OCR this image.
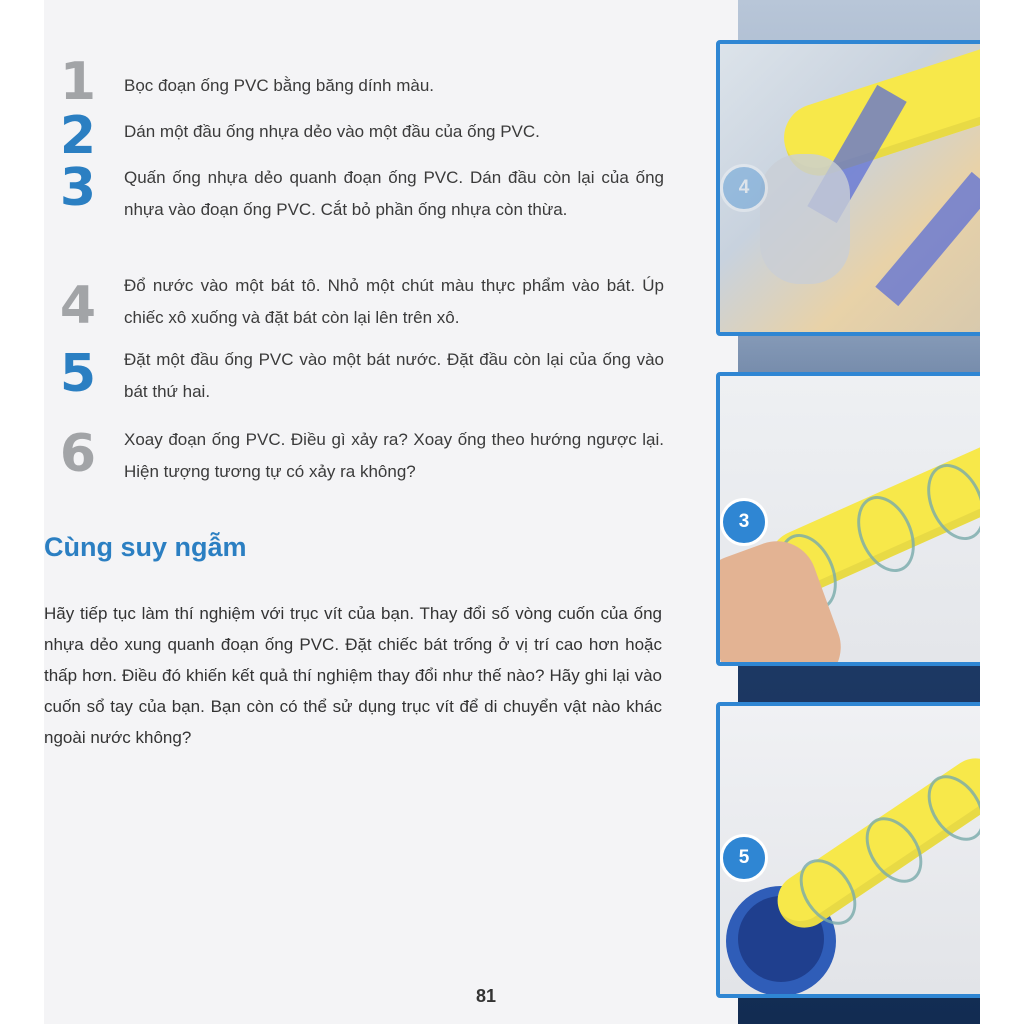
1 Bọc đoạn ống PVC bằng băng dính màu.
2 Dán một đầu ống nhựa dẻo vào một đầu của ống PVC.
3 Quấn ống nhựa dẻo quanh đoạn ống PVC. Dán đầu còn lại của ống nhựa vào đoạn ống PVC. Cắt bỏ phần ống nhựa còn thừa.
4 Đổ nước vào một bát tô. Nhỏ một chút màu thực phẩm vào bát. Úp chiếc xô xuống và đặt bát còn lại lên trên xô.
5 Đặt một đầu ống PVC vào một bát nước. Đặt đầu còn lại của ống vào bát thứ hai.
6 Xoay đoạn ống PVC. Điều gì xảy ra? Xoay ống theo hướng ngược lại. Hiện tượng tương tự có xảy ra không?
Cùng suy ngẫm
Hãy tiếp tục làm thí nghiệm với trục vít của bạn. Thay đổi số vòng cuốn của ống nhựa dẻo xung quanh đoạn ống PVC. Đặt chiếc bát trống ở vị trí cao hơn hoặc thấp hơn. Điều đó khiến kết quả thí nghiệm thay đổi như thế nào? Hãy ghi lại vào cuốn sổ tay của bạn. Bạn còn có thể sử dụng trục vít để di chuyển vật nào khác ngoài nước không?
81
4
3
5
